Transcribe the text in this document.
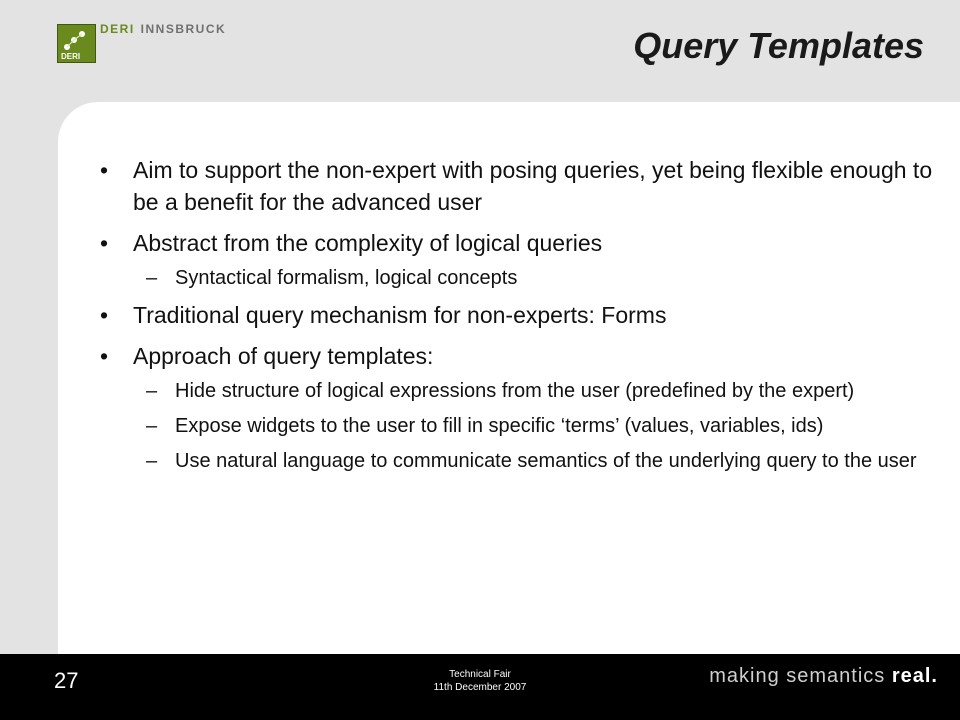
DERI
DERI INNSBRUCK	Query Templates
• Aim to support the non-expert with posing queries, yet being flexible enough to be a benefit for the advanced user
• Abstract from the complexity of logical queries
– Syntactical formalism, logical concepts
• Traditional query mechanism for non-experts: Forms
• Approach of query templates:
– Hide structure of logical expressions from the user (predefined by the expert)
– Expose widgets to the user to fill in specific ‘terms’ (values, variables, ids)
– Use natural language to communicate semantics of the underlying query to the user
27	Technical Fair
11th December 2007
making semantics real.
